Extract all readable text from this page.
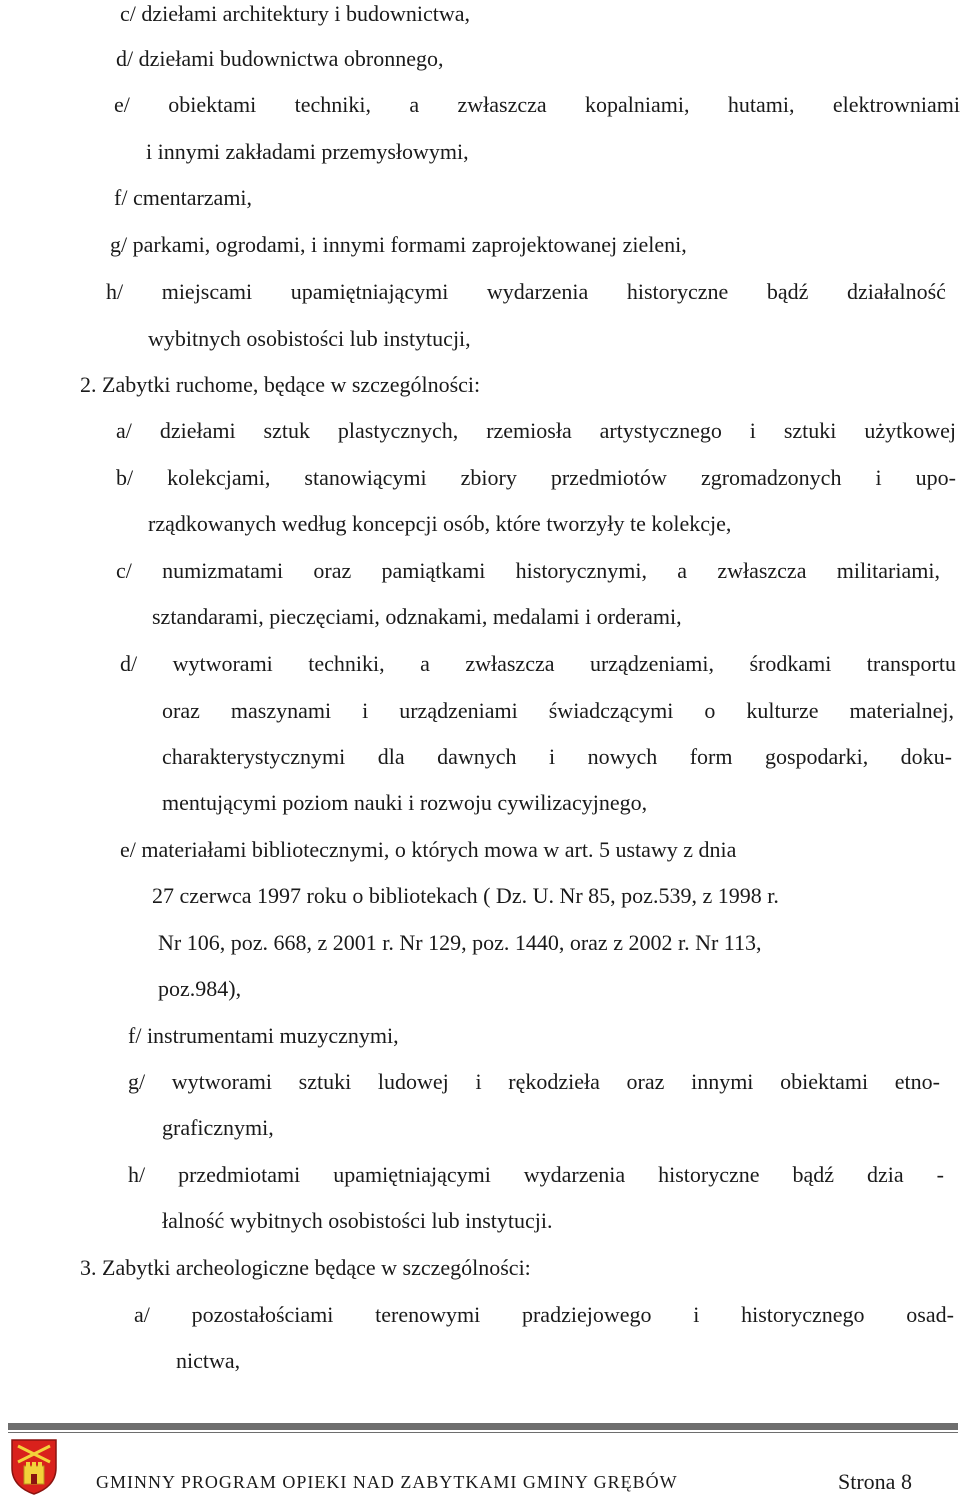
c/ dziełami architektury i budownictwa,
d/ dziełami budownictwa obronnego,
e/ obiektami techniki, a zwłaszcza kopalniami, hutami, elektrowniami
i innymi zakładami przemysłowymi,
f/ cmentarzami,
g/ parkami, ogrodami, i innymi formami zaprojektowanej zieleni,
h/ miejscami upamiętniającymi wydarzenia historyczne bądź działalność
wybitnych osobistości lub instytucji,
2. Zabytki ruchome, będące w szczególności:
a/ dziełami sztuk plastycznych, rzemiosła artystycznego i sztuki użytkowej
b/ kolekcjami, stanowiącymi zbiory przedmiotów zgromadzonych i upo-
rządkowanych według koncepcji osób, które tworzyły te kolekcje,
c/ numizmatami oraz pamiątkami historycznymi, a zwłaszcza militariami,
sztandarami, pieczęciami, odznakami, medalami i orderami,
d/ wytworami techniki, a zwłaszcza urządzeniami, środkami transportu
oraz maszynami i urządzeniami świadczącymi o kulturze materialnej,
charakterystycznymi dla dawnych i nowych form gospodarki, doku-
mentującymi poziom nauki i rozwoju cywilizacyjnego,
e/ materiałami bibliotecznymi, o których mowa w art. 5 ustawy z dnia
27 czerwca 1997 roku o bibliotekach ( Dz. U. Nr 85, poz.539, z 1998 r.
Nr 106, poz. 668, z 2001 r. Nr 129, poz. 1440, oraz z 2002 r. Nr 113,
poz.984),
f/ instrumentami muzycznymi,
g/ wytworami sztuki ludowej i rękodzieła oraz innymi obiektami etno-
graficznymi,
h/ przedmiotami upamiętniającymi wydarzenia historyczne bądź dzia -
łalność wybitnych osobistości lub instytucji.
3. Zabytki archeologiczne będące w szczególności:
a/ pozostałościami terenowymi pradziejowego i historycznego osad-
nictwa,
GMINNY PROGRAM OPIEKI NAD ZABYTKAMI GMINY GRĘBÓW	Strona 8
